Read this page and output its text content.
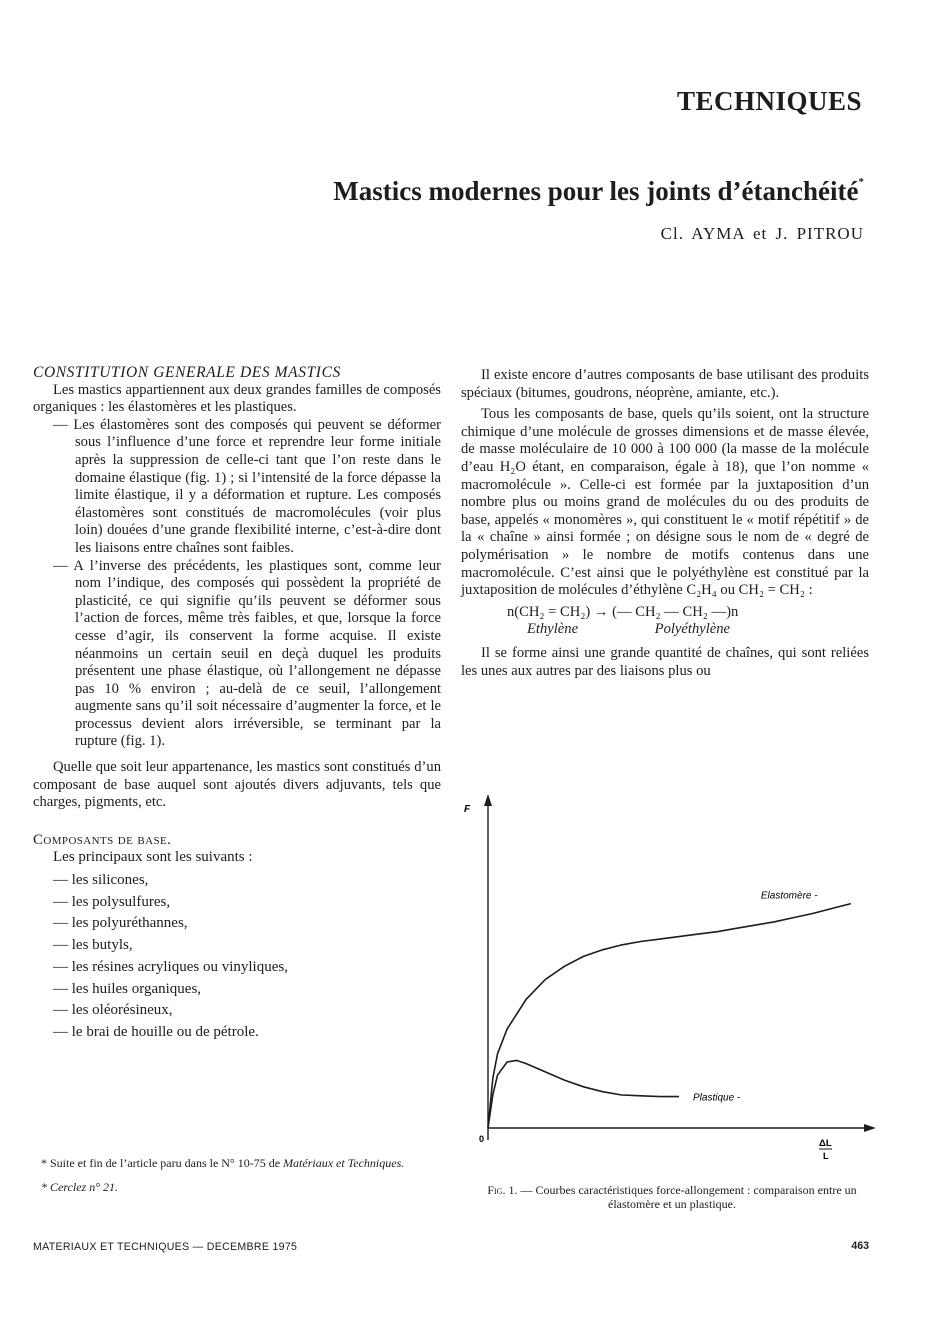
TECHNIQUES
Mastics modernes pour les joints d’étanchéité*
Cl. AYMA et J. PITROU

CONSTITUTION GENERALE DES MASTICS

Les mastics appartiennent aux deux grandes familles de composés organiques : les élastomères et les plastiques.

— Les élastomères sont des composés qui peuvent se déformer sous l’influence d’une force et reprendre leur forme initiale après la suppression de celle-ci tant que l’on reste dans le domaine élastique (fig. 1) ; si l’intensité de la force dépasse la limite élastique, il y a déformation et rupture. Les composés élastomères sont constitués de macromolécules (voir plus loin) douées d’une grande flexibilité interne, c’est-à-dire dont les liaisons entre chaînes sont faibles.

— A l’inverse des précédents, les plastiques sont, comme leur nom l’indique, des composés qui possèdent la propriété de plasticité, ce qui signifie qu’ils peuvent se déformer sous l’action de forces, même très faibles, et que, lorsque la force cesse d’agir, ils conservent la forme acquise. Il existe néanmoins un certain seuil en deçà duquel les produits présentent une phase élastique, où l’allongement ne dépasse pas 10 % environ ; au-delà de ce seuil, l’allongement augmente sans qu’il soit nécessaire d’augmenter la force, et le processus devient alors irréversible, se terminant par la rupture (fig. 1).

Quelle que soit leur appartenance, les mastics sont constitués d’un composant de base auquel sont ajoutés divers adjuvants, tels que charges, pigments, etc.

Composants de base.

Les principaux sont les suivants :

— les silicones,
— les polysulfures,
— les polyuréthannes,
— les butyls,
— les résines acryliques ou vinyliques,
— les huiles organiques,
— les oléorésineux,
— le brai de houille ou de pétrole.

Il existe encore d’autres composants de base utilisant des produits spéciaux (bitumes, goudrons, néoprène, amiante, etc.).

Tous les composants de base, quels qu’ils soient, ont la structure chimique d’une molécule de grosses dimensions et de masse élevée, de masse moléculaire de 10 000 à 100 000 (la masse de la molécule d’eau H₂O étant, en comparaison, égale à 18), que l’on nomme « macromolécule ». Celle-ci est formée par la juxtaposition d’un nombre plus ou moins grand de molécules du ou des produits de base, appelés « monomères », qui constituent le « motif répétitif » de la « chaîne » ainsi formée ; on désigne sous le nom de « degré de polymérisation » le nombre de motifs contenus dans une macromolécule. C’est ainsi que le polyéthylène est constitué par la juxtaposition de molécules d’éthylène C₂H₄ ou CH₂ = CH₂ :

n(CH₂ = CH₂) → (— CH₂ — CH₂ —)n

Ethylène                     Polyéthylène

Il se forme ainsi une grande quantité de chaînes, qui sont reliées les unes aux autres par des liaisons plus ou

F
0	ΔL
L
Elastomère -
Plastique -
Fig. 1. — Courbes caractéristiques force-allongement : comparaison entre un élastomère et un plastique.

* Suite et fin de l’article paru dans le N° 10-75 de Matériaux et Techniques.

* Cerclez n° 21.

MATERIAUX ET TECHNIQUES — DECEMBRE 1975	463
